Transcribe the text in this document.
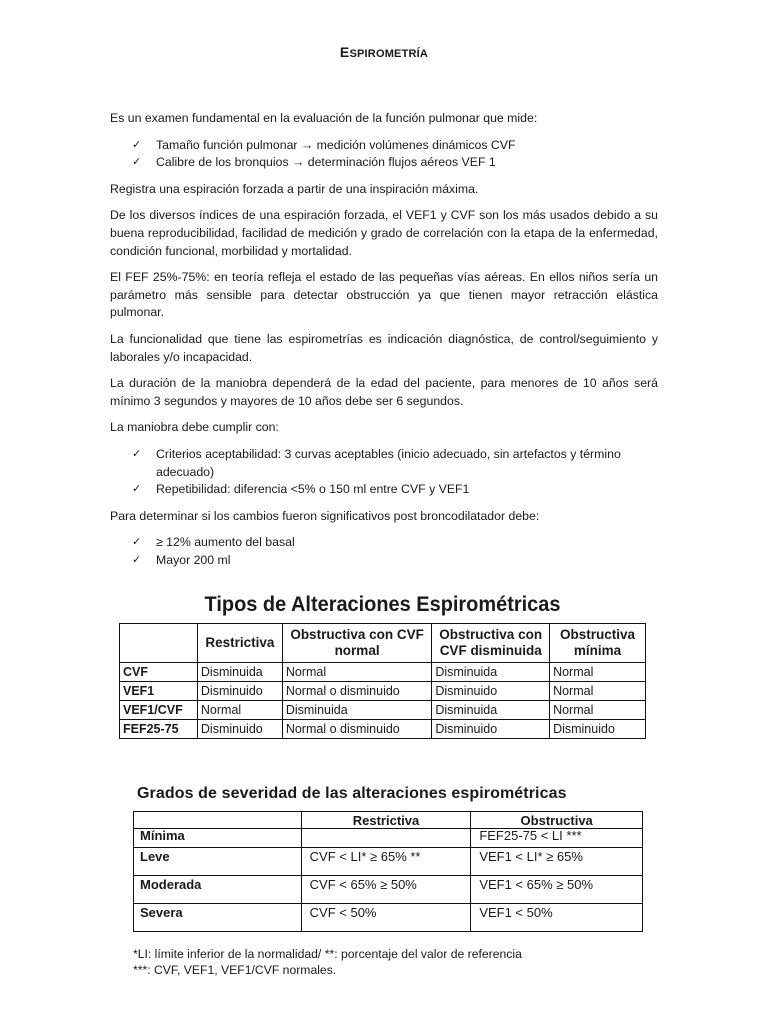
ESPIROMETRÍA

Es un examen fundamental en la evaluación de la función pulmonar que mide:

✓	Tamaño función pulmonar → medición volúmenes dinámicos CVF
✓	Calibre de los bronquios → determinación flujos aéreos VEF 1

Registra una espiración forzada a partir de una inspiración máxima.

De los diversos índices de una espiración forzada, el VEF1 y CVF son los más usados debido a su buena reproducibilidad, facilidad de medición y grado de correlación con la etapa de la enfermedad, condición funcional, morbilidad y mortalidad.

El FEF 25%-75%: en teoría refleja el estado de las pequeñas vías aéreas. En ellos niños sería un parámetro más sensible para detectar obstrucción ya que tienen mayor retracción elástica pulmonar.

La funcionalidad que tiene las espirometrías es indicación diagnóstica, de control/seguimiento y laborales y/o incapacidad.

La duración de la maniobra dependerá de la edad del paciente, para menores de 10 años será mínimo 3 segundos y mayores de 10 años debe ser 6 segundos.

La maniobra debe cumplir con:

✓	Criterios aceptabilidad: 3 curvas aceptables (inicio adecuado, sin artefactos y término adecuado)
✓	Repetibilidad: diferencia <5% o 150 ml entre CVF y VEF1

Para determinar si los cambios fueron significativos post broncodilatador debe:

✓	≥ 12% aumento del basal
✓	Mayor 200 ml
Tipos de Alteraciones Espirométricas
	Restrictiva	Obstructiva con CVF normal	Obstructiva con CVF disminuida	Obstructiva mínima
CVF	Disminuida	Normal	Disminuida	Normal
VEF1	Disminuido	Normal o disminuido	Disminuido	Normal
VEF1/CVF	Normal	Disminuida	Disminuida	Normal
FEF25-75	Disminuido	Normal o disminuido	Disminuido	Disminuido
Grados de severidad de las alteraciones espirométricas
	Restrictiva	Obstructiva
Mínima		FEF25-75 < LI ***
Leve	CVF < LI* ≥ 65% **	VEF1 < LI* ≥ 65%
Moderada	CVF < 65% ≥ 50%	VEF1 < 65% ≥ 50%
Severa	CVF < 50%	VEF1 < 50%
*LI: límite inferior de la normalidad/ **: porcentaje del valor de referencia
***: CVF, VEF1, VEF1/CVF normales.
